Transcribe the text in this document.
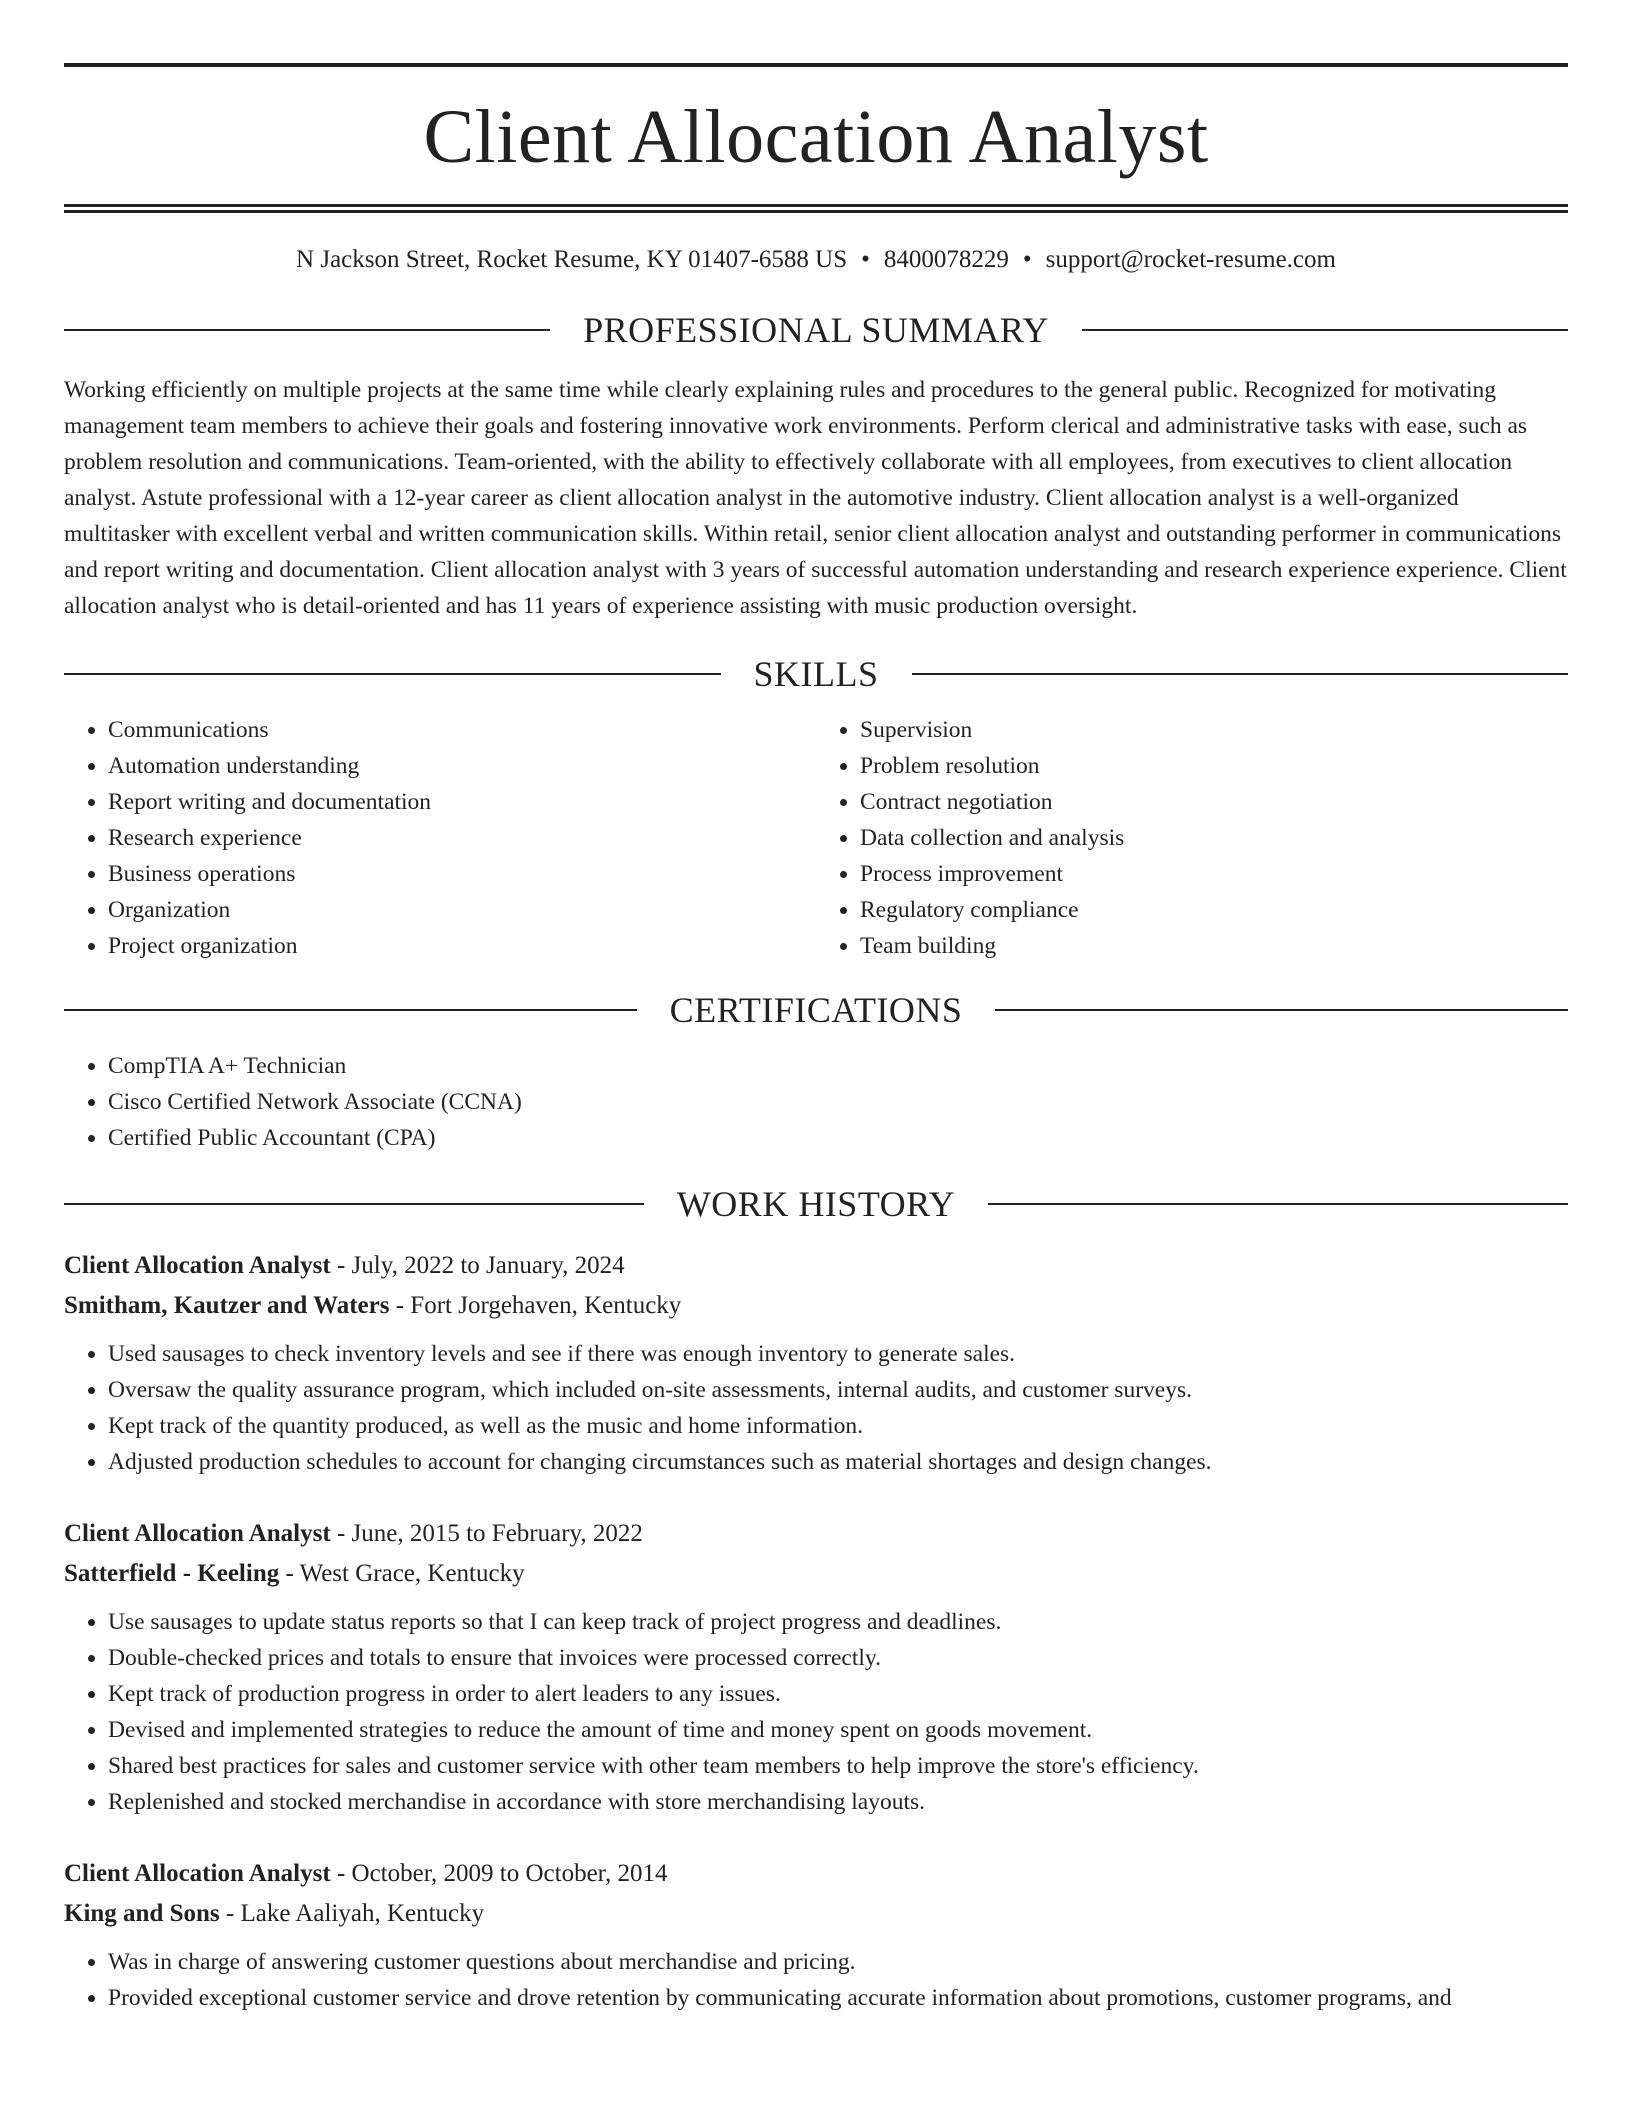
Client Allocation Analyst
N Jackson Street, Rocket Resume, KY 01407-6588 US • 8400078229 • support@rocket-resume.com
PROFESSIONAL SUMMARY

Working efficiently on multiple projects at the same time while clearly explaining rules and procedures to the general public. Recognized for motivating management team members to achieve their goals and fostering innovative work environments. Perform clerical and administrative tasks with ease, such as problem resolution and communications. Team-oriented, with the ability to effectively collaborate with all employees, from executives to client allocation analyst. Astute professional with a 12-year career as client allocation analyst in the automotive industry. Client allocation analyst is a well-organized multitasker with excellent verbal and written communication skills. Within retail, senior client allocation analyst and outstanding performer in communications and report writing and documentation. Client allocation analyst with 3 years of successful automation understanding and research experience experience. Client allocation analyst who is detail-oriented and has 11 years of experience assisting with music production oversight.

SKILLS
• Communications
• Automation understanding
• Report writing and documentation
• Research experience
• Business operations
• Organization
• Project organization
• Supervision
• Problem resolution
• Contract negotiation
• Data collection and analysis
• Process improvement
• Regulatory compliance
• Team building
CERTIFICATIONS
• CompTIA A+ Technician
• Cisco Certified Network Associate (CCNA)
• Certified Public Accountant (CPA)
WORK HISTORY
Client Allocation Analyst - July, 2022 to January, 2024
Smitham, Kautzer and Waters - Fort Jorgehaven, Kentucky
• Used sausages to check inventory levels and see if there was enough inventory to generate sales.
• Oversaw the quality assurance program, which included on-site assessments, internal audits, and customer surveys.
• Kept track of the quantity produced, as well as the music and home information.
• Adjusted production schedules to account for changing circumstances such as material shortages and design changes.
Client Allocation Analyst - June, 2015 to February, 2022
Satterfield - Keeling - West Grace, Kentucky
• Use sausages to update status reports so that I can keep track of project progress and deadlines.
• Double-checked prices and totals to ensure that invoices were processed correctly.
• Kept track of production progress in order to alert leaders to any issues.
• Devised and implemented strategies to reduce the amount of time and money spent on goods movement.
• Shared best practices for sales and customer service with other team members to help improve the store's efficiency.
• Replenished and stocked merchandise in accordance with store merchandising layouts.
Client Allocation Analyst - October, 2009 to October, 2014
King and Sons - Lake Aaliyah, Kentucky
• Was in charge of answering customer questions about merchandise and pricing.
• Provided exceptional customer service and drove retention by communicating accurate information about promotions, customer programs, and
